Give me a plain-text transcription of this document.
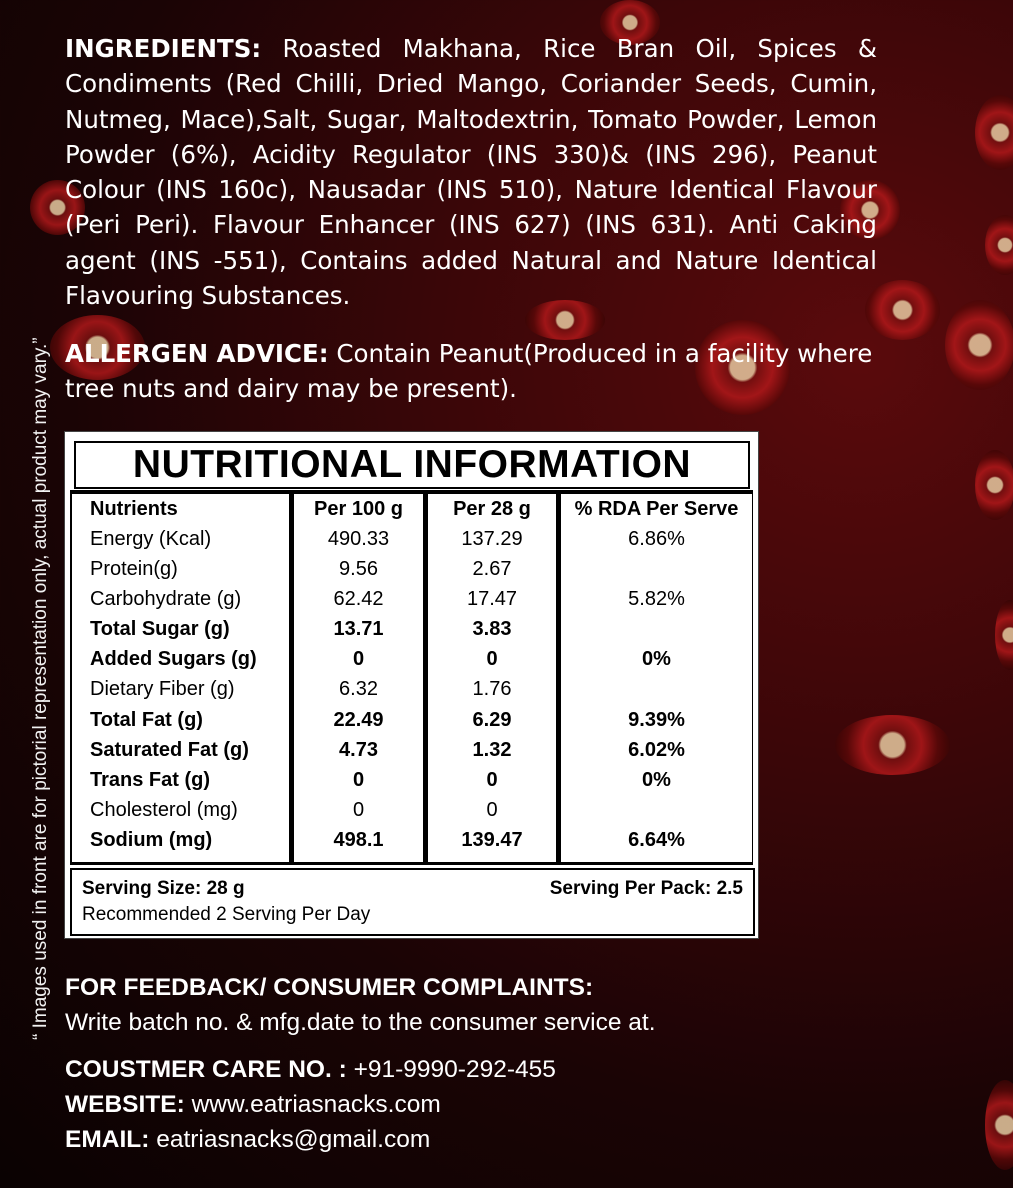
“ Images used in front are for pictorial representation only, actual product may vary.”
INGREDIENTS: Roasted Makhana, Rice Bran Oil, Spices & Condiments (Red Chilli, Dried Mango, Coriander Seeds, Cumin, Nutmeg, Mace),Salt, Sugar, Maltodextrin, Tomato Powder, Lemon Powder (6%), Acidity Regulator (INS 330)& (INS 296), Peanut Colour (INS 160c), Nausadar (INS 510), Nature Identical Flavour (Peri Peri). Flavour Enhancer (INS 627) (INS 631). Anti Caking agent (INS -551), Contains added Natural and Nature Identical Flavouring Substances.
ALLERGEN ADVICE: Contain Peanut(Produced in a facility where tree nuts and dairy may be present).
NUTRITIONAL INFORMATION
Nutrients
Energy (Kcal)
Protein(g)
Carbohydrate (g)
Total Sugar (g)
Added Sugars (g)
Dietary Fiber (g)
Total Fat (g)
Saturated Fat (g)
Trans Fat (g)
Cholesterol (mg)
Sodium (mg)
Per 100 g
490.33
9.56
62.42
13.71
0
6.32
22.49
4.73
0
0
498.1
Per 28 g
137.29
2.67
17.47
3.83
0
1.76
6.29
1.32
0
0
139.47
% RDA Per Serve
6.86%
5.82%
0%
9.39%
6.02%
0%
6.64%
Serving Size: 28 g	Serving Per Pack: 2.5
Recommended 2 Serving Per Day
FOR FEEDBACK/ CONSUMER COMPLAINTS:
Write batch no. & mfg.date to the consumer service at.
COUSTMER CARE NO. : +91-9990-292-455
WEBSITE: www.eatriasnacks.com
EMAIL: eatriasnacks@gmail.com
